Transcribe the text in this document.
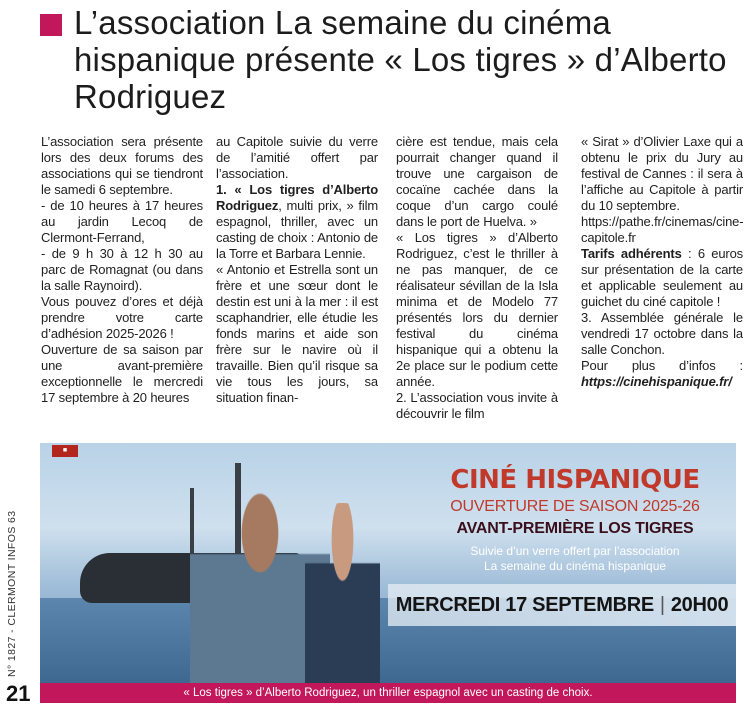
L’association La semaine du cinéma hispanique présente « Los tigres » d’Alberto Rodriguez

L’association sera présente lors des deux forums des associations qui se tiendront le samedi 6 septembre.

- de 10 heures à 17 heures au jardin Lecoq de Clermont-Ferrand,

- de 9 h 30 à 12 h 30 au parc de Romagnat (ou dans la salle Raynoird).

Vous pouvez d’ores et déjà prendre votre carte d’adhésion 2025-2026 !

Ouverture de sa saison par une avant-première exceptionnelle le mercredi 17 septembre à 20 heures

au Capitole suivie du verre de l’amitié offert par l’association.

1. « Los tigres d’Alberto Rodriguez, multi prix, » film espagnol, thriller, avec un casting de choix : Antonio de la Torre et Barbara Lennie.

« Antonio et Estrella sont un frère et une sœur dont le destin est uni à la mer : il est scaphandrier, elle étudie les fonds marins et aide son frère sur le navire où il travaille. Bien qu’il risque sa vie tous les jours, sa situation finan-

cière est tendue, mais cela pourrait changer quand il trouve une cargaison de cocaïne cachée dans la coque d’un cargo coulé dans le port de Huelva. »

« Los tigres » d’Alberto Rodriguez, c’est le thriller à ne pas manquer, de ce réalisateur sévillan de la Isla minima et de Modelo 77 présentés lors du dernier festival du cinéma hispanique qui a obtenu la 2e place sur le podium cette année.

2. L’association vous invite à découvrir le film

« Sirat » d’Olivier Laxe qui a obtenu le prix du Jury au festival de Cannes : il sera à l’affiche au Capitole à partir du 10 septembre.

https://pathe.fr/cinemas/cine-capitole.fr

Tarifs adhérents : 6 euros sur présentation de la carte et applicable seulement au guichet du ciné capitole !

3. Assemblée générale le vendredi 17 octobre dans la salle Conchon.

Pour plus d’infos : https://cinehispanique.fr/

N° 1827 - CLERMONT INFOS 63
■
CINÉ HISPANIQUE
OUVERTURE DE SAISON 2025-26
AVANT-PREMIÈRE LOS TIGRES
Suivie d’un verre offert par l’association
La semaine du cinéma hispanique
MERCREDI 17 SEPTEMBRE | 20H00
21	« Los tigres » d’Alberto Rodriguez, un thriller espagnol avec un casting de choix.
